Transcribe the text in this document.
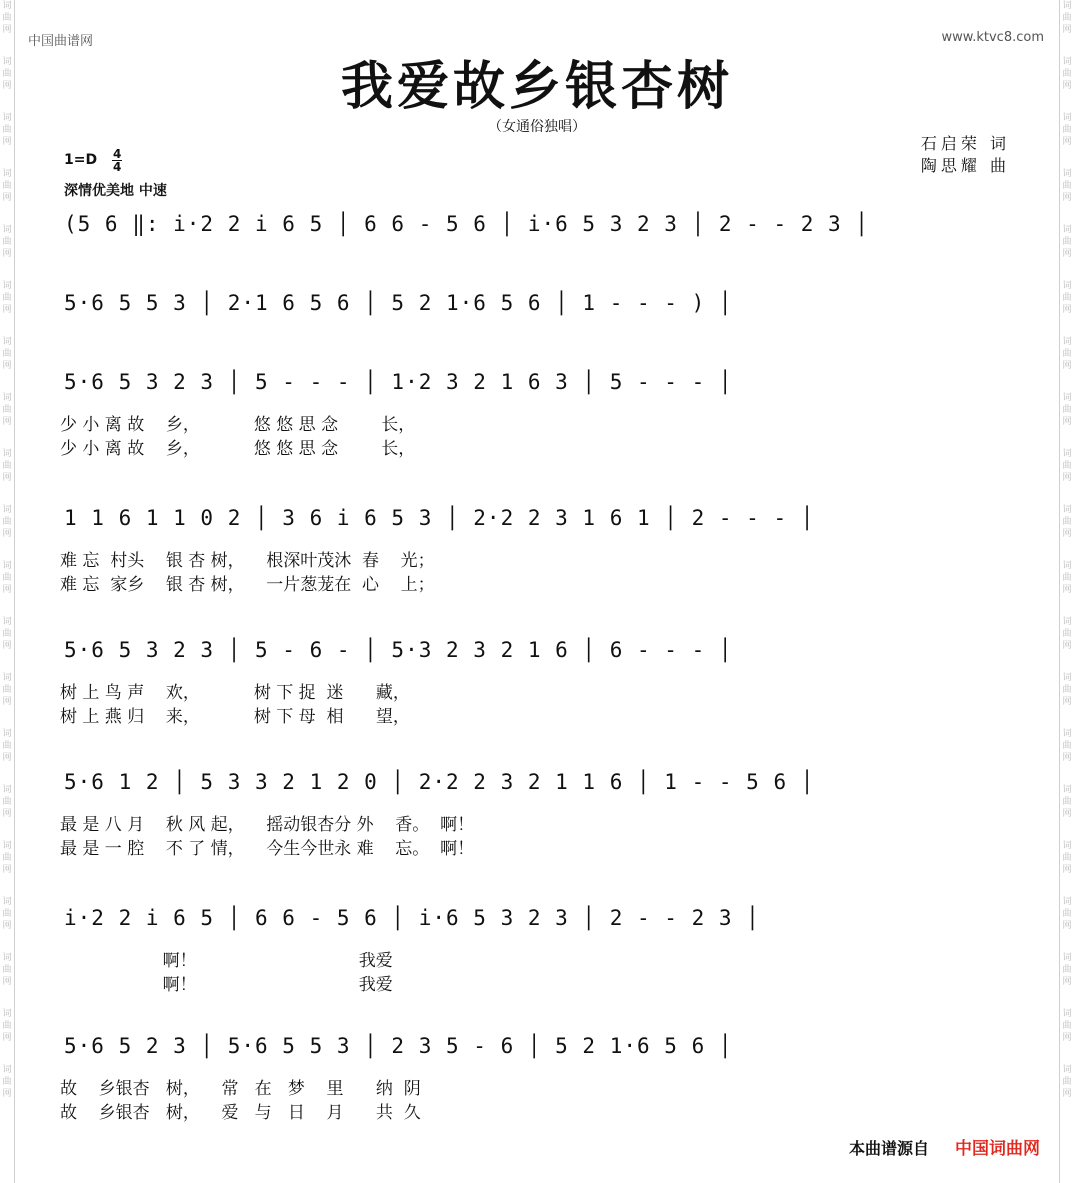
词
曲
网
词
曲
网
词
曲
网
词
曲
网
词
曲
网
词
曲
网
词
曲
网
词
曲
网
词
曲
网
词
曲
网
词
曲
网
词
曲
网
词
曲
网
词
曲
网
词
曲
网
词
曲
网
词
曲
网
词
曲
网
词
曲
网
词
曲
网
词
曲
网
词
曲
网
词
曲
网
词
曲
网
词
曲
网
词
曲
网
词
曲
网
词
曲
网
词
曲
网
词
曲
网
词
曲
网
词
曲
网
词
曲
网
词
曲
网
词
曲
网
词
曲
网
词
曲
网
词
曲
网
词
曲
网
词
曲
网
中国曲谱网	www.ktvc8.com
我爱故乡银杏树
（女通俗独唱）
石启荣 词
陶思耀 曲
1=D 4
4
深情优美地 中速
(5 6 ‖: i·2 2 i 6 5 │ 6 6 - 5 6 │ i·6 5 3 2 3 │ 2 - - 2 3 │
5·6 5 5 3 │ 2·1 6 5 6 │ 5 2 1·6 5 6 │ 1 - - - ) │
5·6 5 3 2 3 │ 5 - - - │ 1·2 3 2 1 6 3 │ 5 - - - │
少 小 离 故    乡，          悠 悠 思 念        长，
少 小 离 故    乡，          悠 悠 思 念        长，
1 1 6 1 1 0 2 │ 3 6 i 6 5 3 │ 2·2 2 3 1 6 1 │ 2 - - - │
难 忘  村头    银 杏 树，    根深叶茂沐  春    光；
难 忘  家乡    银 杏 树，    一片葱茏在  心    上；
5·6 5 3 2 3 │ 5 - 6 - │ 5·3 2 3 2 1 6 │ 6 - - - │
树 上 鸟 声    欢，          树 下 捉  迷      藏，
树 上 燕 归    来，          树 下 母  相      望，
5·6 1 2 │ 5 3 3 2 1 2 0 │ 2·2 2 3 2 1 1 6 │ 1 - - 5 6 │
最 是 八 月    秋 风 起，    摇动银杏分 外    香。  啊！
最 是 一 腔    不 了 情，    今生今世永 难    忘。  啊！
i·2 2 i 6 5 │ 6 6 - 5 6 │ i·6 5 3 2 3 │ 2 - - 2 3 │
啊！                              我爱
啊！                              我爱
5·6 5 2 3 │ 5·6 5 5 3 │ 2 3 5 - 6 │ 5 2 1·6 5 6 │
故    乡银杏   树，    常   在   梦    里      纳  阴
故    乡银杏   树，    爱   与   日    月      共  久
本曲谱源自 中国词曲网
